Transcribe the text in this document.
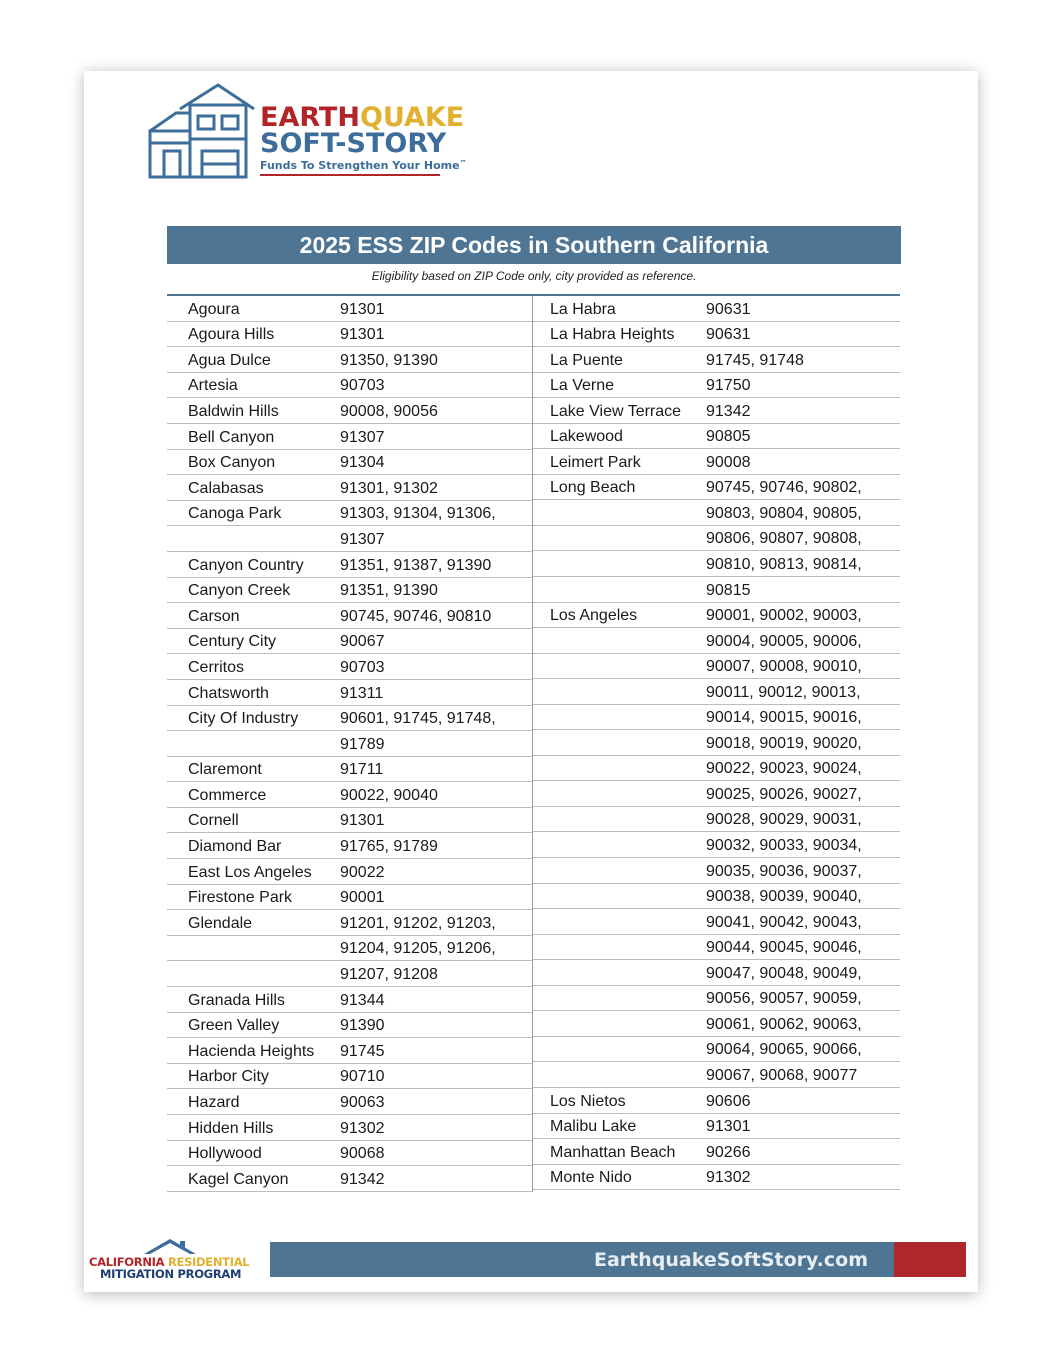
EARTHQUAKE
SOFT-STORY
Funds To Strengthen Your Home™
2025 ESS ZIP Codes in Southern California
Eligibility based on ZIP Code only, city provided as reference.
Agoura	91301
Agoura Hills	91301
Agua Dulce	91350, 91390
Artesia	90703
Baldwin Hills	90008, 90056
Bell Canyon	91307
Box Canyon	91304
Calabasas	91301, 91302
Canoga Park	91303, 91304, 91306,
91307
Canyon Country	91351, 91387, 91390
Canyon Creek	91351, 91390
Carson	90745, 90746, 90810
Century City	90067
Cerritos	90703
Chatsworth	91311
City Of Industry	90601, 91745, 91748,
91789
Claremont	91711
Commerce	90022, 90040
Cornell	91301
Diamond Bar	91765, 91789
East Los Angeles	90022
Firestone Park	90001
Glendale	91201, 91202, 91203,
91204, 91205, 91206,
91207, 91208
Granada Hills	91344
Green Valley	91390
Hacienda Heights	91745
Harbor City	90710
Hazard	90063
Hidden Hills	91302
Hollywood	90068
Kagel Canyon	91342
La Habra	90631
La Habra Heights	90631
La Puente	91745, 91748
La Verne	91750
Lake View Terrace	91342
Lakewood	90805
Leimert Park	90008
Long Beach	90745, 90746, 90802,
90803, 90804, 90805,
90806, 90807, 90808,
90810, 90813, 90814,
90815
Los Angeles	90001, 90002, 90003,
90004, 90005, 90006,
90007, 90008, 90010,
90011, 90012, 90013,
90014, 90015, 90016,
90018, 90019, 90020,
90022, 90023, 90024,
90025, 90026, 90027,
90028, 90029, 90031,
90032, 90033, 90034,
90035, 90036, 90037,
90038, 90039, 90040,
90041, 90042, 90043,
90044, 90045, 90046,
90047, 90048, 90049,
90056, 90057, 90059,
90061, 90062, 90063,
90064, 90065, 90066,
90067, 90068, 90077
Los Nietos	90606
Malibu Lake	91301
Manhattan Beach	90266
Monte Nido	91302
CALIFORNIA RESIDENTIAL
MITIGATION PROGRAM
EarthquakeSoftStory.com
